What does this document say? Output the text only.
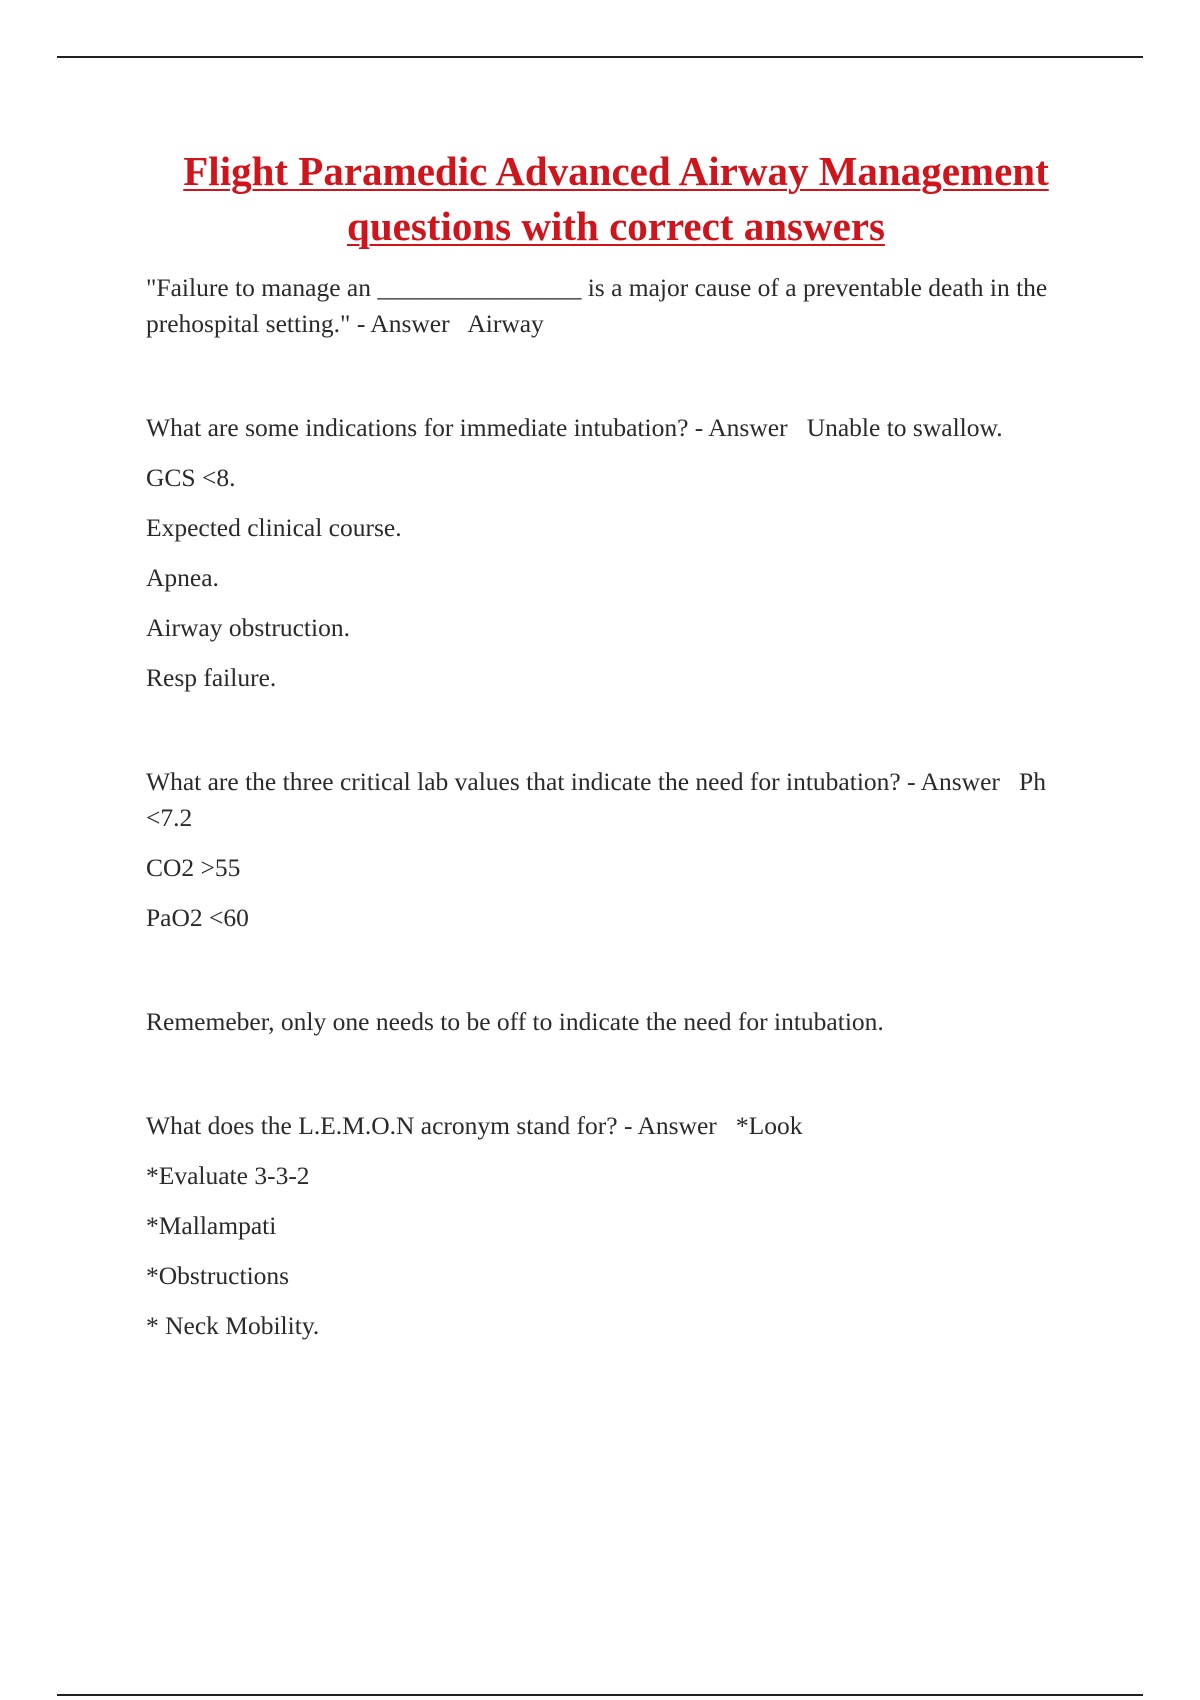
Flight Paramedic Advanced Airway Management
questions with correct answers

"Failure to manage an ________________ is a major cause of a preventable death in the prehospital setting." - Answer Airway

What are some indications for immediate intubation? - Answer Unable to swallow.

GCS <8.

Expected clinical course.

Apnea.

Airway obstruction.

Resp failure.

What are the three critical lab values that indicate the need for intubation? - Answer Ph <7.2

CO2 >55

PaO2 <60

Rememeber, only one needs to be off to indicate the need for intubation.

What does the L.E.M.O.N acronym stand for? - Answer *Look

*Evaluate 3-3-2

*Mallampati

*Obstructions

* Neck Mobility.
